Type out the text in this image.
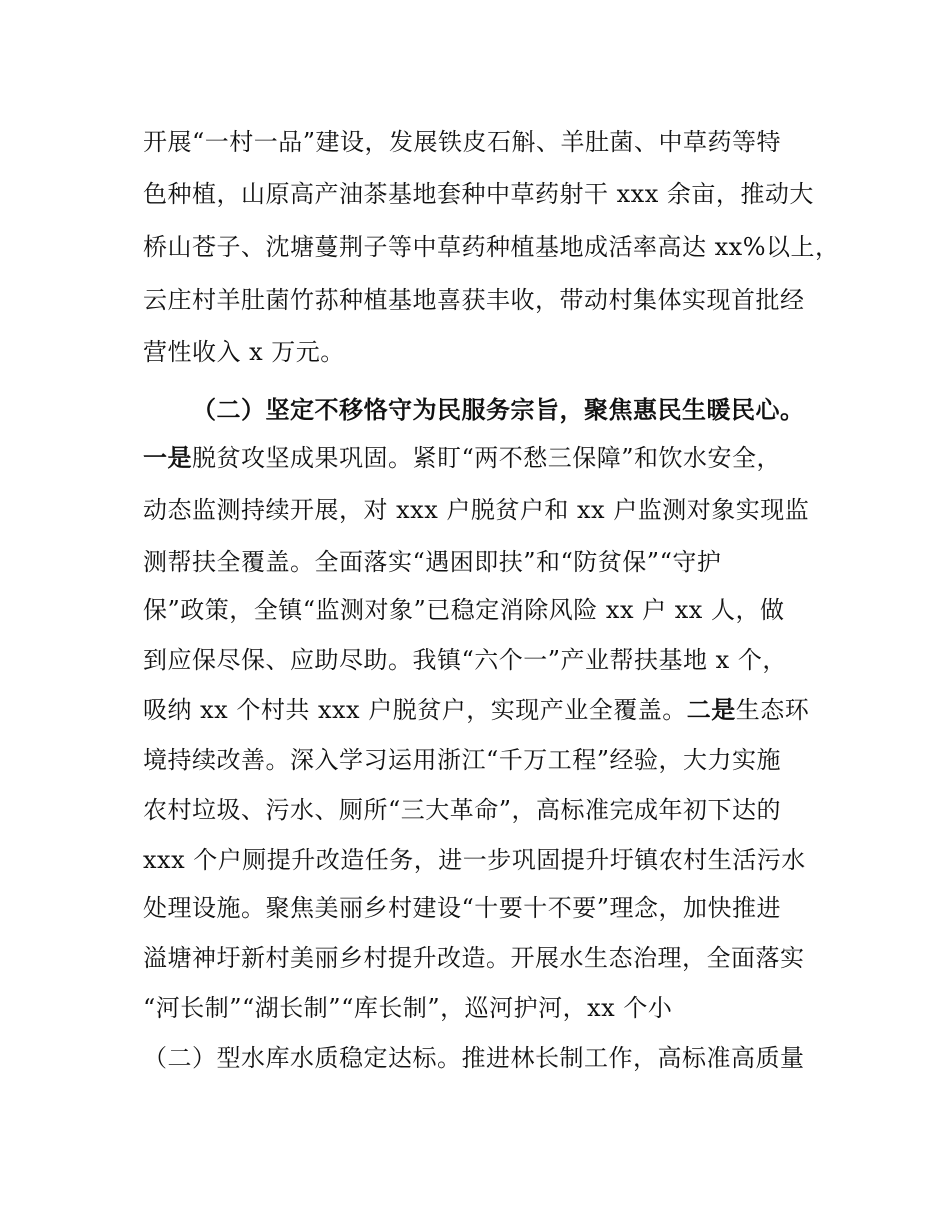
开展“一村一品”建设，发展铁皮石斛、羊肚菌、中草药等特
色种植，山原高产油茶基地套种中草药射干 xxx 余亩，推动大
桥山苍子、沈塘蔓荆子等中草药种植基地成活率高达 xx%以上，
云庄村羊肚菌竹荪种植基地喜获丰收，带动村集体实现首批经
营性收入 x 万元。
（二）坚定不移恪守为民服务宗旨，聚焦惠民生暖民心。
一是脱贫攻坚成果巩固。紧盯“两不愁三保障”和饮水安全，
动态监测持续开展，对 xxx 户脱贫户和 xx 户监测对象实现监
测帮扶全覆盖。全面落实“遇困即扶”和“防贫保”“守护
保”政策，全镇“监测对象”已稳定消除风险 xx 户 xx 人，做
到应保尽保、应助尽助。我镇“六个一”产业帮扶基地 x 个，
吸纳 xx 个村共 xxx 户脱贫户，实现产业全覆盖。二是生态环
境持续改善。深入学习运用浙江“千万工程”经验，大力实施
农村垃圾、污水、厕所“三大革命”，高标准完成年初下达的
xxx 个户厕提升改造任务，进一步巩固提升圩镇农村生活污水
处理设施。聚焦美丽乡村建设“十要十不要”理念，加快推进
溢塘神圩新村美丽乡村提升改造。开展水生态治理，全面落实
“河长制”“湖长制”“库长制”，巡河护河，xx 个小
（二）型水库水质稳定达标。推进林长制工作，高标准高质量
